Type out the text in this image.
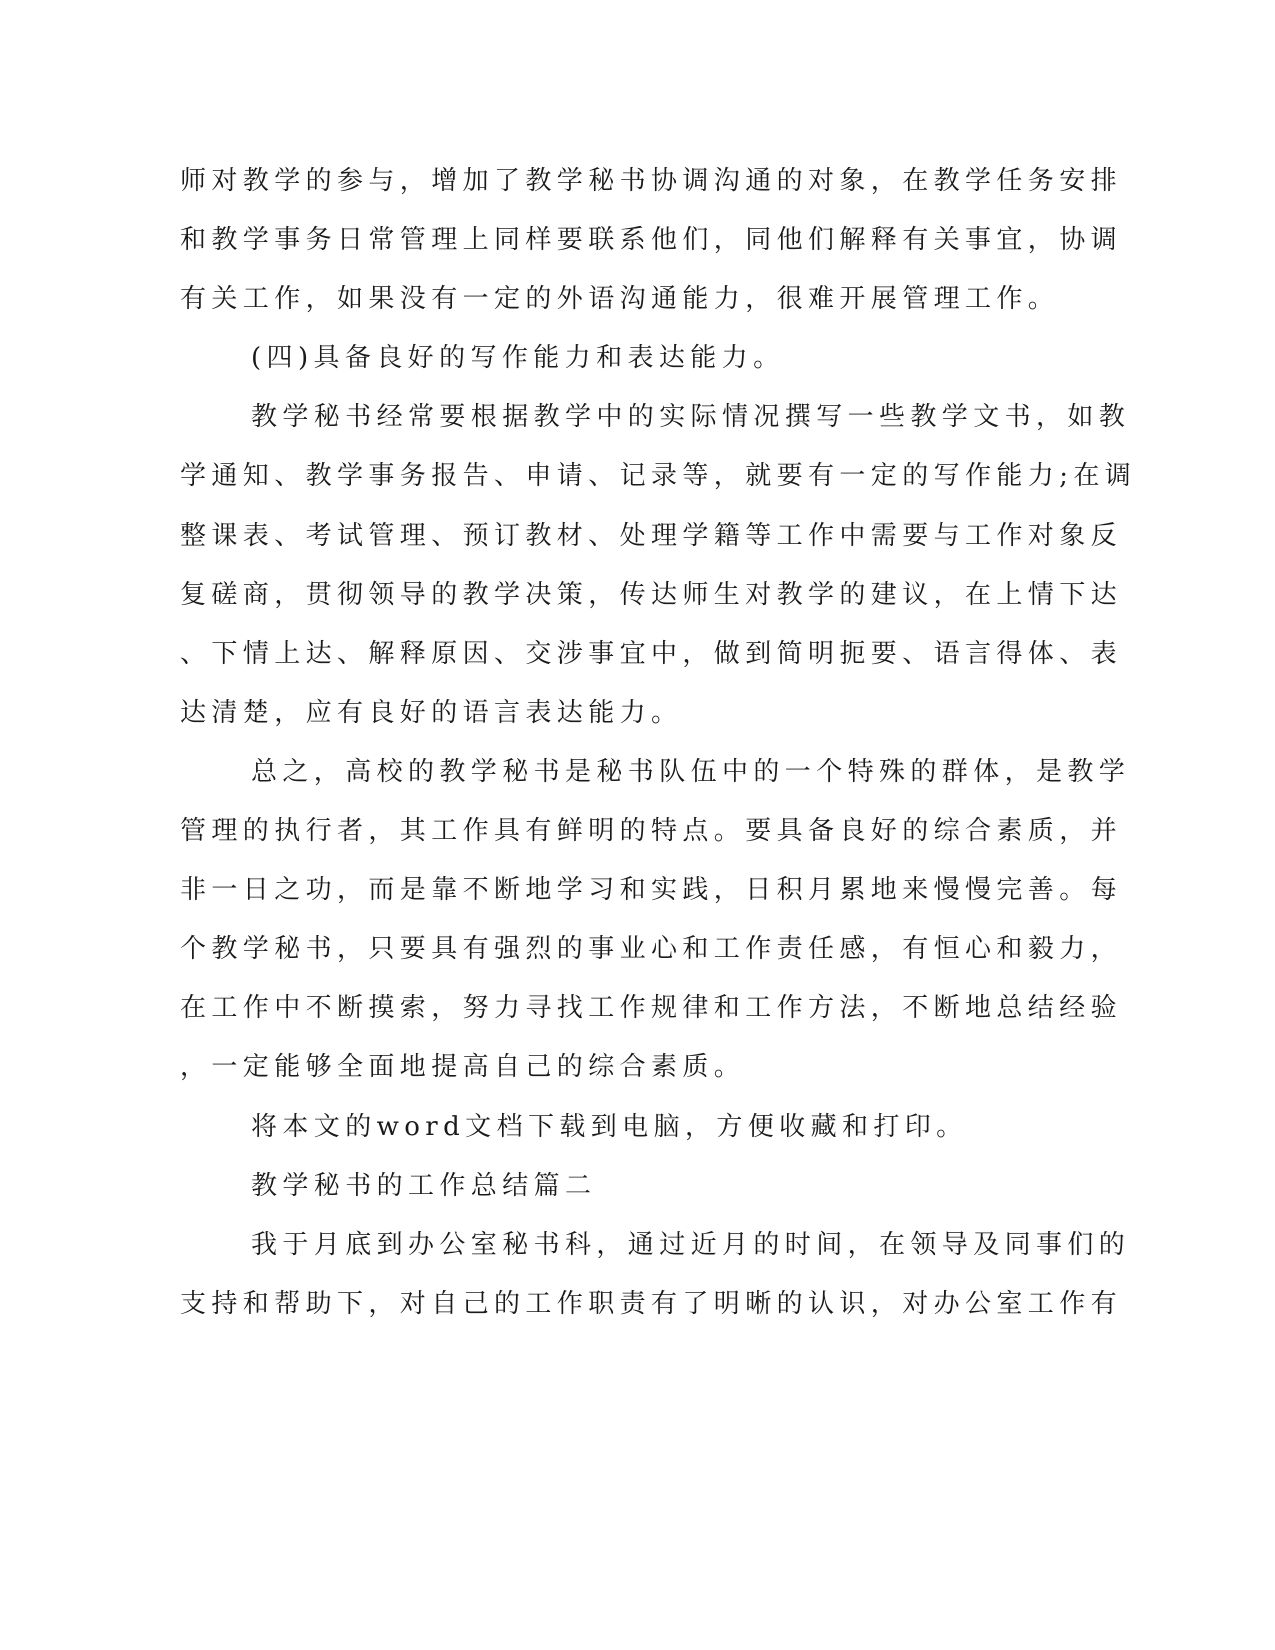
师对教学的参与，增加了教学秘书协调沟通的对象，在教学任务安排
和教学事务日常管理上同样要联系他们，同他们解释有关事宜，协调
有关工作，如果没有一定的外语沟通能力，很难开展管理工作。
(四)具备良好的写作能力和表达能力。
教学秘书经常要根据教学中的实际情况撰写一些教学文书，如教
学通知、教学事务报告、申请、记录等，就要有一定的写作能力;在调
整课表、考试管理、预订教材、处理学籍等工作中需要与工作对象反
复磋商，贯彻领导的教学决策，传达师生对教学的建议，在上情下达
、下情上达、解释原因、交涉事宜中，做到简明扼要、语言得体、表
达清楚，应有良好的语言表达能力。
总之，高校的教学秘书是秘书队伍中的一个特殊的群体，是教学
管理的执行者，其工作具有鲜明的特点。要具备良好的综合素质，并
非一日之功，而是靠不断地学习和实践，日积月累地来慢慢完善。每
个教学秘书，只要具有强烈的事业心和工作责任感，有恒心和毅力，
在工作中不断摸索，努力寻找工作规律和工作方法，不断地总结经验
，一定能够全面地提高自己的综合素质。
将本文的word文档下载到电脑，方便收藏和打印。
教学秘书的工作总结篇二
我于月底到办公室秘书科，通过近月的时间，在领导及同事们的
支持和帮助下，对自己的工作职责有了明晰的认识，对办公室工作有
